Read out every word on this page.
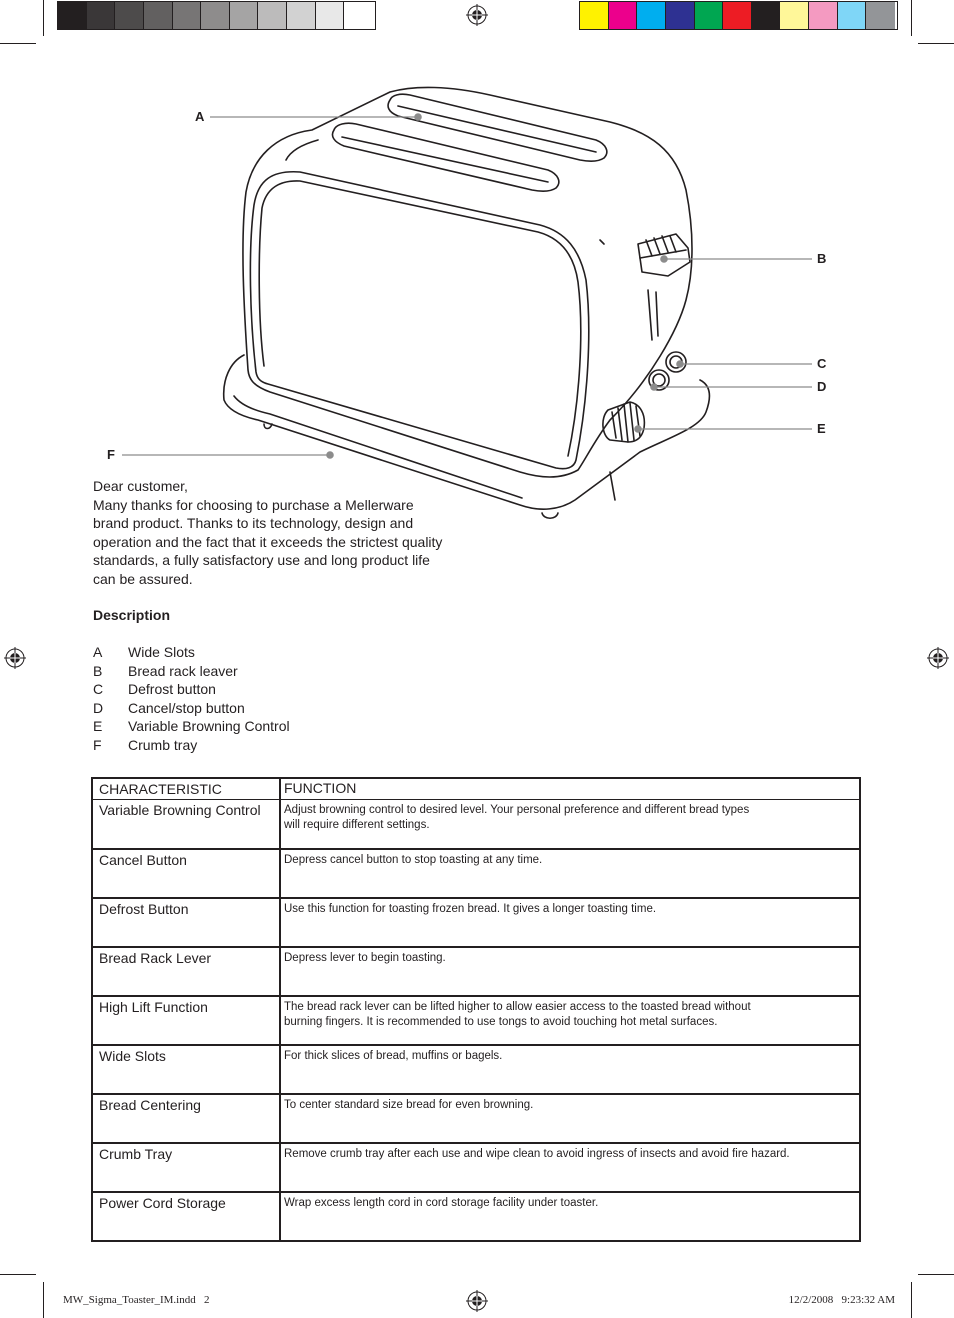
A
B
C
D
E
F

Dear customer,

Many thanks for choosing to purchase a Mellerware brand product. Thanks to its technology, design and operation and the fact that it exceeds the strictest quality standards, a fully satisfactory use and long product life can be assured.

Description
A	Wide Slots
B	Bread rack leaver
C	Defrost button
D	Cancel/stop button
E	Variable Browning Control
F	Crumb tray
CHARACTERISTIC	FUNCTION
Variable Browning Control	Adjust browning control to desired level. Your personal preference and different bread types will require different settings.
Cancel Button	Depress cancel button to stop toasting at any time.
Defrost Button	Use this function for toasting frozen bread. It gives a longer toasting time.
Bread Rack Lever	Depress lever to begin toasting.
High Lift Function	The bread rack lever can be lifted higher to allow easier access to the toasted bread without burning fingers. It is recommended to use tongs to avoid touching hot metal surfaces.
Wide Slots	For thick slices of bread, muffins or bagels.
Bread Centering	To center standard size bread for even browning.
Crumb Tray	Remove crumb tray after each use and wipe clean to avoid ingress of insects and avoid fire hazard.
Power Cord Storage	Wrap excess length cord in cord storage facility under toaster.
MW_Sigma_Toaster_IM.indd   2	12/2/2008   9:23:32 AM
